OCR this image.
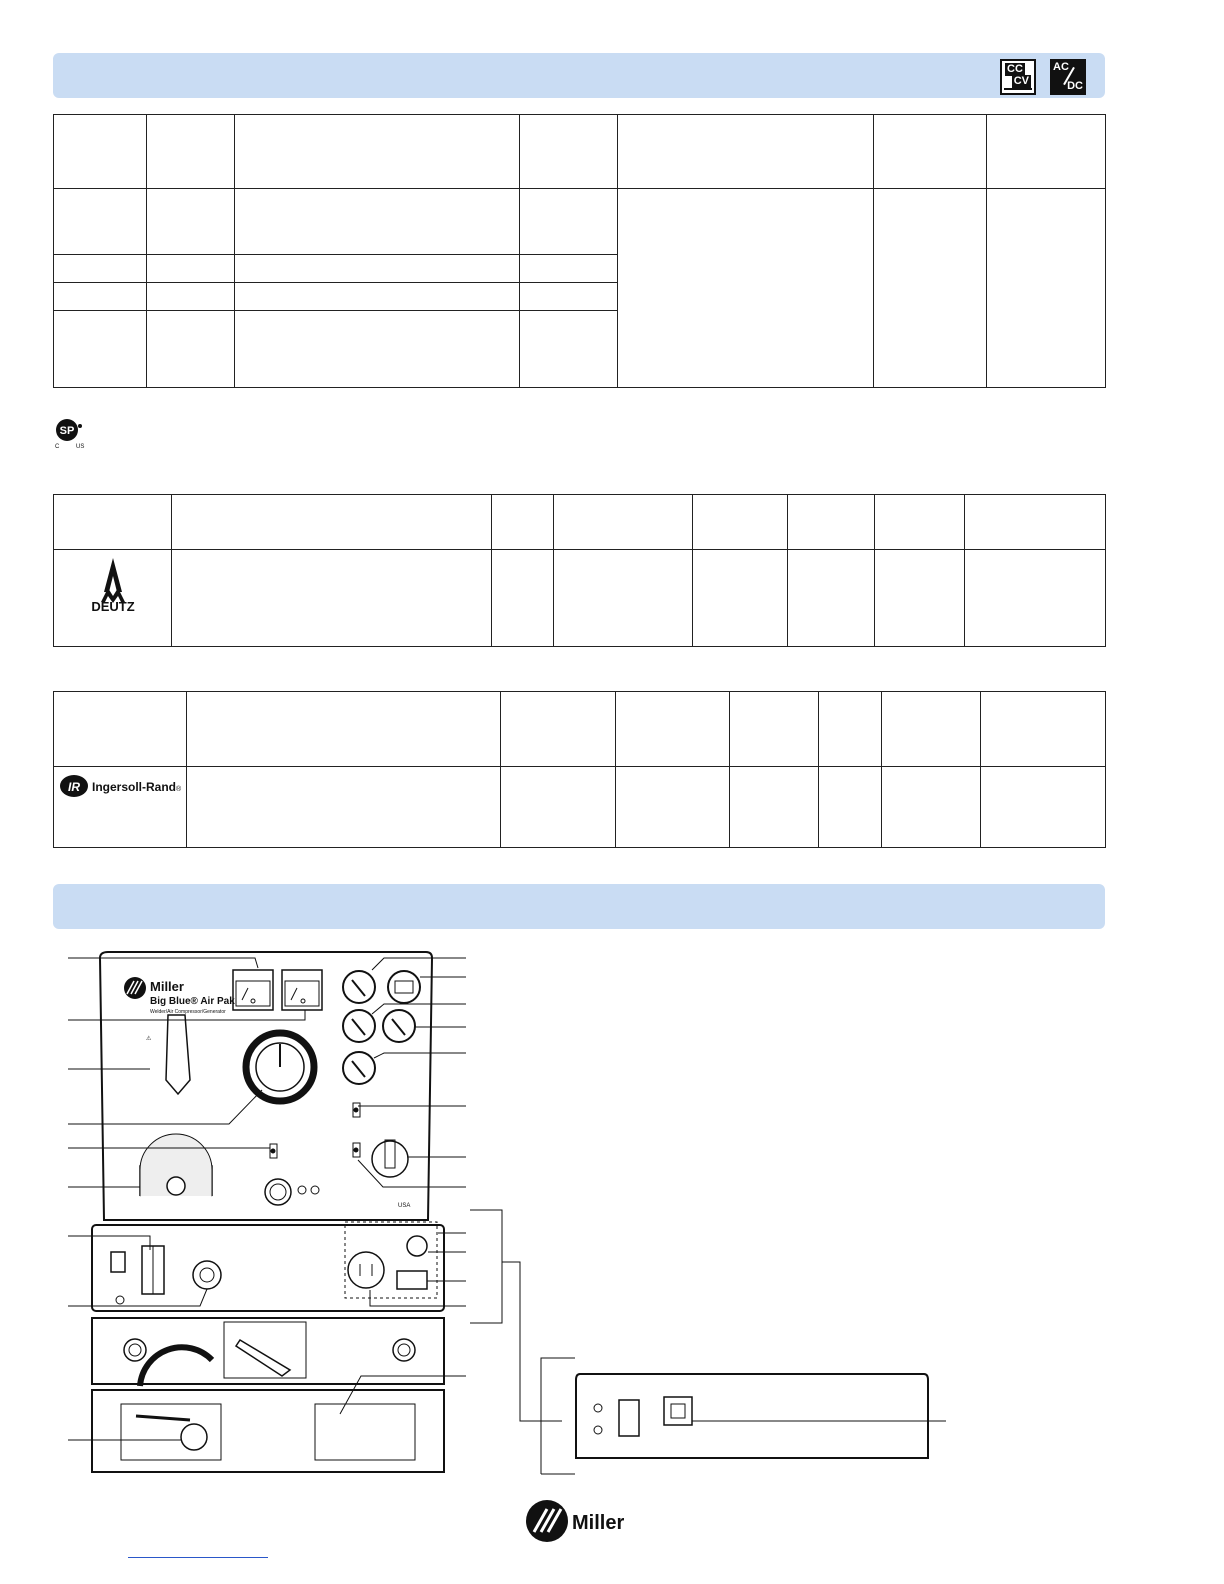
CC
CV
AC
DC

SP
C	US

DEUTZ							

IR Ingersoll-Rand ®							

Miller
Big Blue® Air Pak
Welder/Air Compressor/Generator
⚠
USA
Miller
